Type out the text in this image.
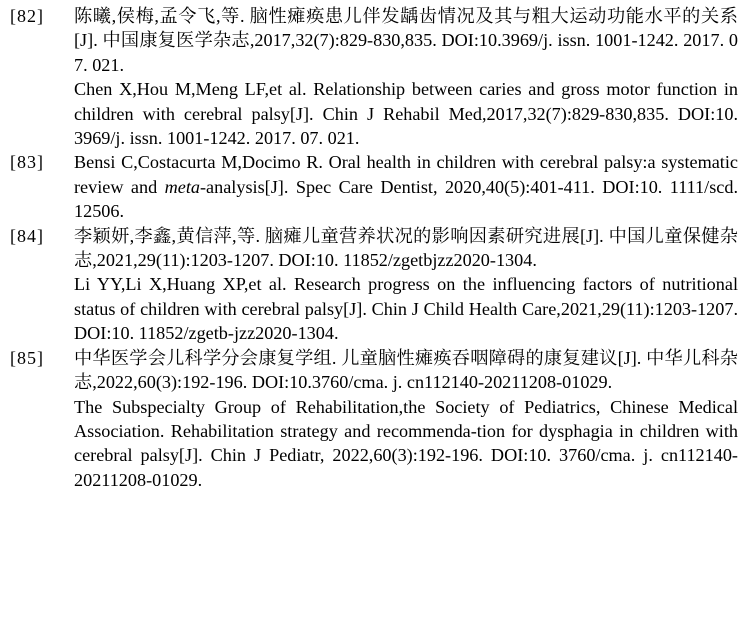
[82]	陈曦,侯梅,孟令飞,等. 脑性瘫痪患儿伴发龋齿情况及其与粗大运动功能水平的关系[J]. 中国康复医学杂志,2017,32(7):829-830,835. DOI:10.3969/j. issn. 1001-1242. 2017. 07. 021.
Chen X,Hou M,Meng LF,et al. Relationship between caries and gross motor function in children with cerebral palsy[J]. Chin J Rehabil Med,2017,32(7):829-830,835. DOI:10. 3969/j. issn. 1001-1242. 2017. 07. 021.
[83]	Bensi C,Costacurta M,Docimo R. Oral health in children with cerebral palsy:a systematic review and meta-analysis[J]. Spec Care Dentist, 2020,40(5):401-411. DOI:10. 1111/scd. 12506.
[84]	李颖妍,李鑫,黄信萍,等. 脑瘫儿童营养状况的影响因素研究进展[J]. 中国儿童保健杂志,2021,29(11):1203-1207. DOI:10. 11852/zgetbjzz2020-1304.
Li YY,Li X,Huang XP,et al. Research progress on the influencing factors of nutritional status of children with cerebral palsy[J]. Chin J Child Health Care,2021,29(11):1203-1207. DOI:10. 11852/zgetb-jzz2020-1304.
[85]	中华医学会儿科学分会康复学组. 儿童脑性瘫痪吞咽障碍的康复建议[J]. 中华儿科杂志,2022,60(3):192-196. DOI:10.3760/cma. j. cn112140-20211208-01029.
The Subspecialty Group of Rehabilitation,the Society of Pediatrics, Chinese Medical Association. Rehabilitation strategy and recommenda-tion for dysphagia in children with cerebral palsy[J]. Chin J Pediatr, 2022,60(3):192-196. DOI:10. 3760/cma. j. cn112140-20211208-01029.
